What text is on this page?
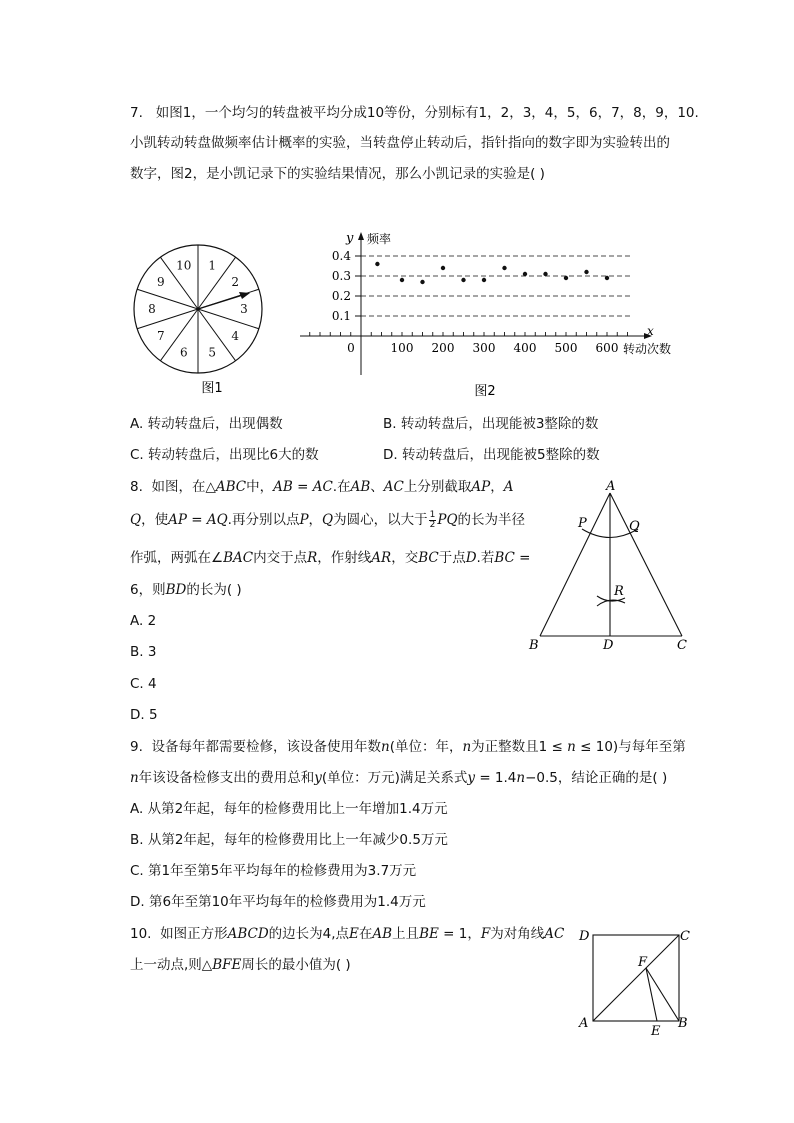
7. 如图1，一个均匀的转盘被平均分成10等份，分别标有1，2，3，4，5，6，7，8，9，10.
小凯转动转盘做频率估计概率的实验，当转盘停止转动后，指针指向的数字即为实验转出的
数字，图2，是小凯记录下的实验结果情况，那么小凯记录的实验是( )
1
2
3
4
5
6
7
8
9
10
图1
x
y 频率
转动次数
0.1
0.2
0.3
0.4
0	100 200 300 400 500 600
图2
A. 转动转盘后，出现偶数	B. 转动转盘后，出现能被3整除的数
C. 转动转盘后，出现比6大的数	D. 转动转盘后，出现能被5整除的数
8. 如图，在△ABC中，AB = AC.在AB、AC上分别截取AP，A
Q，使AP = AQ.再分别以点P，Q为圆心，以大于 $\frac{1}{2}$ PQ的长为半径
作弧，两弧在∠BAC内交于点R，作射线AR，交BC于点D.若BC =
6，则BD的长为( )
A. 2
B. 3
C. 4
D. 5
A
B	C
D
P	Q
R
9. 设备每年都需要检修，该设备使用年数n(单位：年，n为正整数且1 ≤ n ≤ 10)与每年至第
n年该设备检修支出的费用总和y(单位：万元)满足关系式y = 1.4n−0.5，结论正确的是( )
A. 从第2年起，每年的检修费用比上一年增加1.4万元
B. 从第2年起，每年的检修费用比上一年减少0.5万元
C. 第1年至第5年平均每年的检修费用为3.7万元
D. 第6年至第10年平均每年的检修费用为1.4万元
10. 如图正方形ABCD的边长为4,点E在AB上且BE = 1，F为对角线AC
上一动点,则△BFE周长的最小值为( )
D	C
A	B
E
F
